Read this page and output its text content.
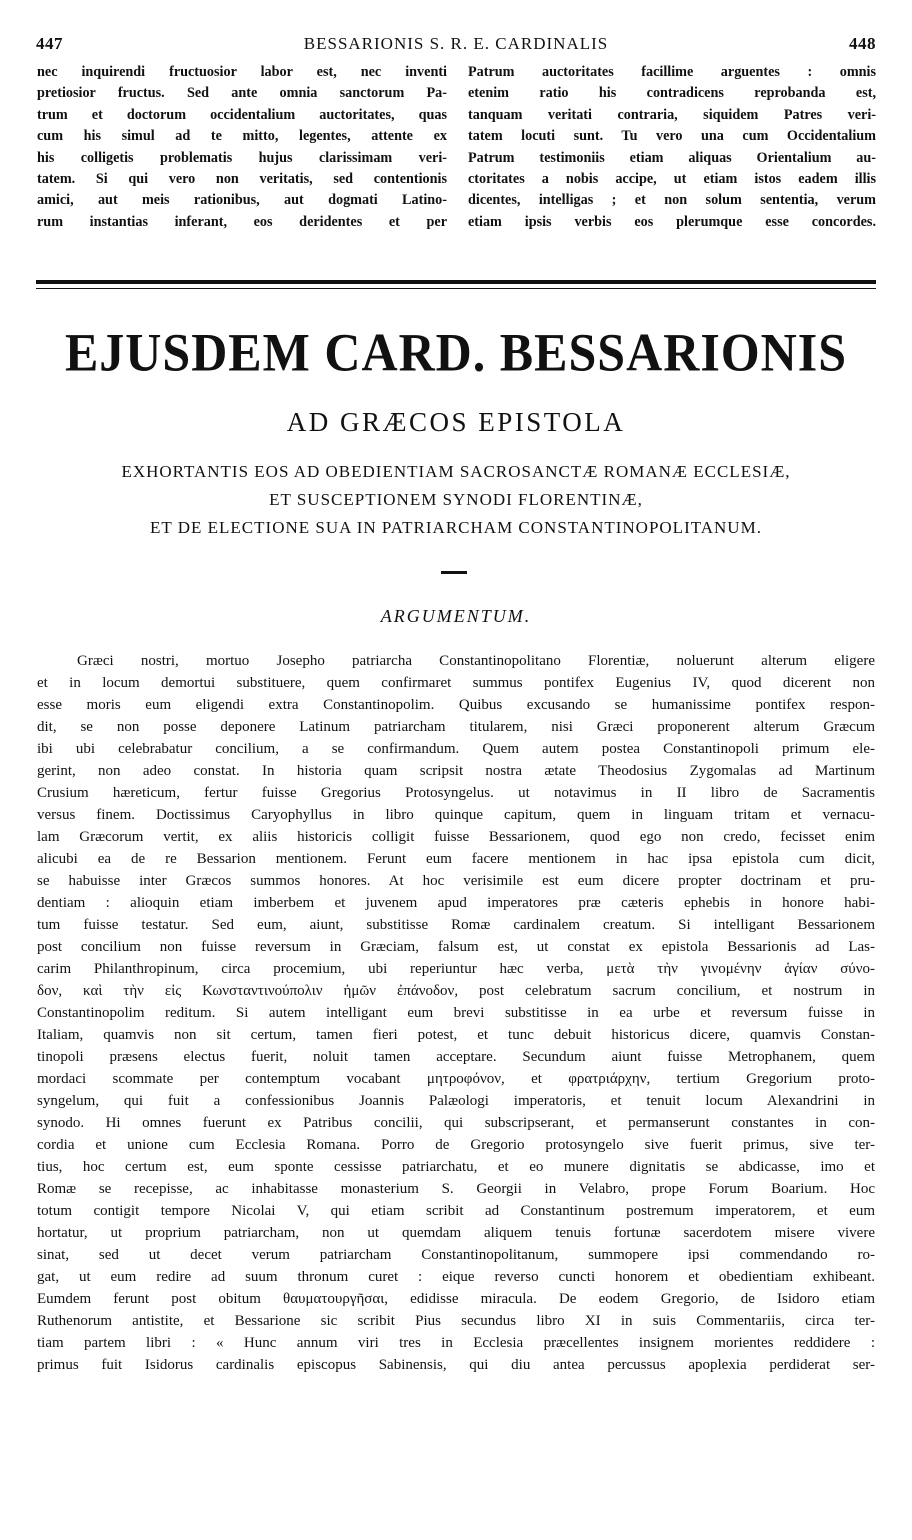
447	BESSARIONIS S. R. E. CARDINALIS	448
nec inquirendi fructuosior labor est, nec inventi
pretiosior fructus. Sed ante omnia sanctorum Pa-
trum et doctorum occidentalium auctoritates, quas
cum his simul ad te mitto, legentes, attente ex
his colligetis problematis hujus clarissimam veri-
tatem. Si qui vero non veritatis, sed contentionis
amici, aut meis rationibus, aut dogmati Latino-
rum instantias inferant, eos deridentes et per
Patrum auctoritates facillime arguentes : omnis
etenim ratio his contradicens reprobanda est,
tanquam veritati contraria, siquidem Patres veri-
tatem locuti sunt. Tu vero una cum Occidentalium
Patrum testimoniis etiam aliquas Orientalium au-
ctoritates a nobis accipe, ut etiam istos eadem illis
dicentes, intelligas ; et non solum sententia, verum
etiam ipsis verbis eos plerumque esse concordes.
EJUSDEM CARD. BESSARIONIS
AD GRÆCOS EPISTOLA
EXHORTANTIS EOS AD OBEDIENTIAM SACROSANCTÆ ROMANÆ ECCLESIÆ,
ET SUSCEPTIONEM SYNODI FLORENTINÆ,
ET DE ELECTIONE SUA IN PATRIARCHAM CONSTANTINOPOLITANUM.
ARGUMENTUM.
Græci nostri, mortuo Josepho patriarcha Constantinopolitano Florentiæ, noluerunt alterum eligere
et in locum demortui substituere, quem confirmaret summus pontifex Eugenius IV, quod dicerent non
esse moris eum eligendi extra Constantinopolim. Quibus excusando se humanissime pontifex respon-
dit, se non posse deponere Latinum patriarcham titularem, nisi Græci proponerent alterum Græcum
ibi ubi celebrabatur concilium, a se confirmandum. Quem autem postea Constantinopoli primum ele-
gerint, non adeo constat. In historia quam scripsit nostra ætate Theodosius Zygomalas ad Martinum
Crusium hæreticum, fertur fuisse Gregorius Protosyngelus. ut notavimus in II libro de Sacramentis
versus finem. Doctissimus Caryophyllus in libro quinque capitum, quem in linguam tritam et vernacu-
lam Græcorum vertit, ex aliis historicis colligit fuisse Bessarionem, quod ego non credo, fecisset enim
alicubi ea de re Bessarion mentionem. Ferunt eum facere mentionem in hac ipsa epistola cum dicit,
se habuisse inter Græcos summos honores. At hoc verisimile est eum dicere propter doctrinam et pru-
dentiam : alioquin etiam imberbem et juvenem apud imperatores præ cæteris ephebis in honore habi-
tum fuisse testatur. Sed eum, aiunt, substitisse Romæ cardinalem creatum. Si intelligant Bessarionem
post concilium non fuisse reversum in Græciam, falsum est, ut constat ex epistola Bessarionis ad Las-
carim Philanthropinum, circa procemium, ubi reperiuntur hæc verba, μετὰ τὴν γινομένην ἁγίαν σύνο-
δον, καὶ τὴν εἰς Κωνσταντινούπολιν ἡμῶν ἐπάνοδον, post celebratum sacrum concilium, et nostrum in
Constantinopolim reditum. Si autem intelligant eum brevi substitisse in ea urbe et reversum fuisse in
Italiam, quamvis non sit certum, tamen fieri potest, et tunc debuit historicus dicere, quamvis Constan-
tinopoli præsens electus fuerit, noluit tamen acceptare. Secundum aiunt fuisse Metrophanem, quem
mordaci scommate per contemptum vocabant μητροφόνον, et φρατριάρχην, tertium Gregorium proto-
syngelum, qui fuit a confessionibus Joannis Palæologi imperatoris, et tenuit locum Alexandrini in
synodo. Hi omnes fuerunt ex Patribus concilii, qui subscripserant, et permanserunt constantes in con-
cordia et unione cum Ecclesia Romana. Porro de Gregorio protosyngelo sive fuerit primus, sive ter-
tius, hoc certum est, eum sponte cessisse patriarchatu, et eo munere dignitatis se abdicasse, imo et
Romæ se recepisse, ac inhabitasse monasterium S. Georgii in Velabro, prope Forum Boarium. Hoc
totum contigit tempore Nicolai V, qui etiam scribit ad Constantinum postremum imperatorem, et eum
hortatur, ut proprium patriarcham, non ut quemdam aliquem tenuis fortunæ sacerdotem misere vivere
sinat, sed ut decet verum patriarcham Constantinopolitanum, summopere ipsi commendando ro-
gat, ut eum redire ad suum thronum curet : eique reverso cuncti honorem et obedientiam exhibeant.
Eumdem ferunt post obitum θαυματουργῆσαι, edidisse miracula. De eodem Gregorio, de Isidoro etiam
Ruthenorum antistite, et Bessarione sic scribit Pius secundus libro XI in suis Commentariis, circa ter-
tiam partem libri : « Hunc annum viri tres in Ecclesia præcellentes insignem morientes reddidere :
primus fuit Isidorus cardinalis episcopus Sabinensis, qui diu antea percussus apoplexia perdiderat ser-
